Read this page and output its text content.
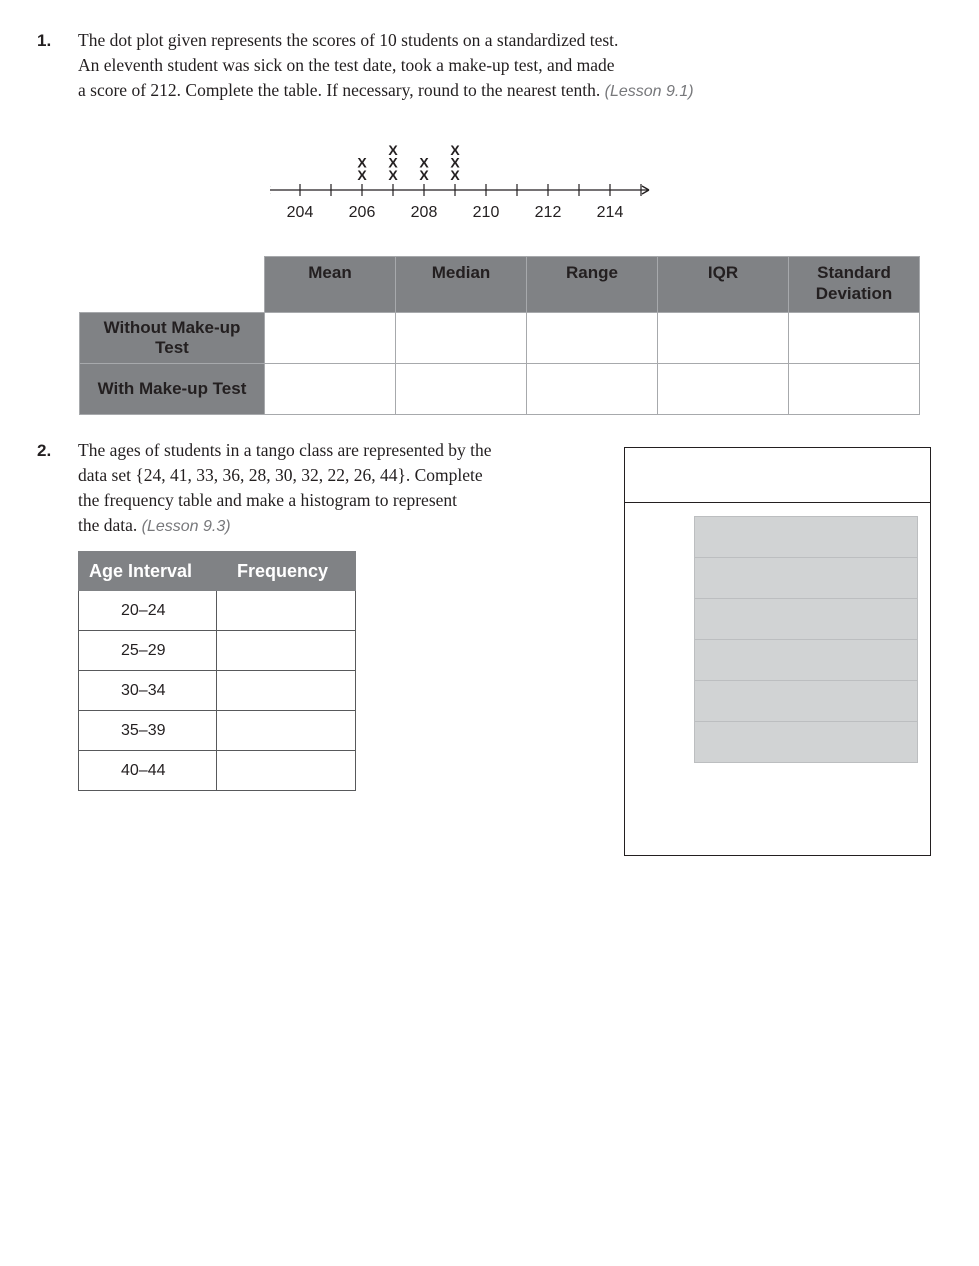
1. The dot plot given represents the scores of 10 students on a standardized test.
An eleventh student was sick on the test date, took a make-up test, and made
a score of 212. Complete the table. If necessary, round to the nearest tenth. (Lesson 9.1)
204 206 208 210 212 214
X
X
X
X
X
X
X
X
X
X
	Mean	Median	Range	IQR	Standard Deviation
Without Make-up Test					
With Make-up Test					
2. The ages of students in a tango class are represented by the
data set {24, 41, 33, 36, 28, 30, 32, 22, 26, 44}. Complete
the frequency table and make a histogram to represent
the data. (Lesson 9.3)
Age Interval	Frequency
20–24	
25–29	
30–34	
35–39	
40–44	
